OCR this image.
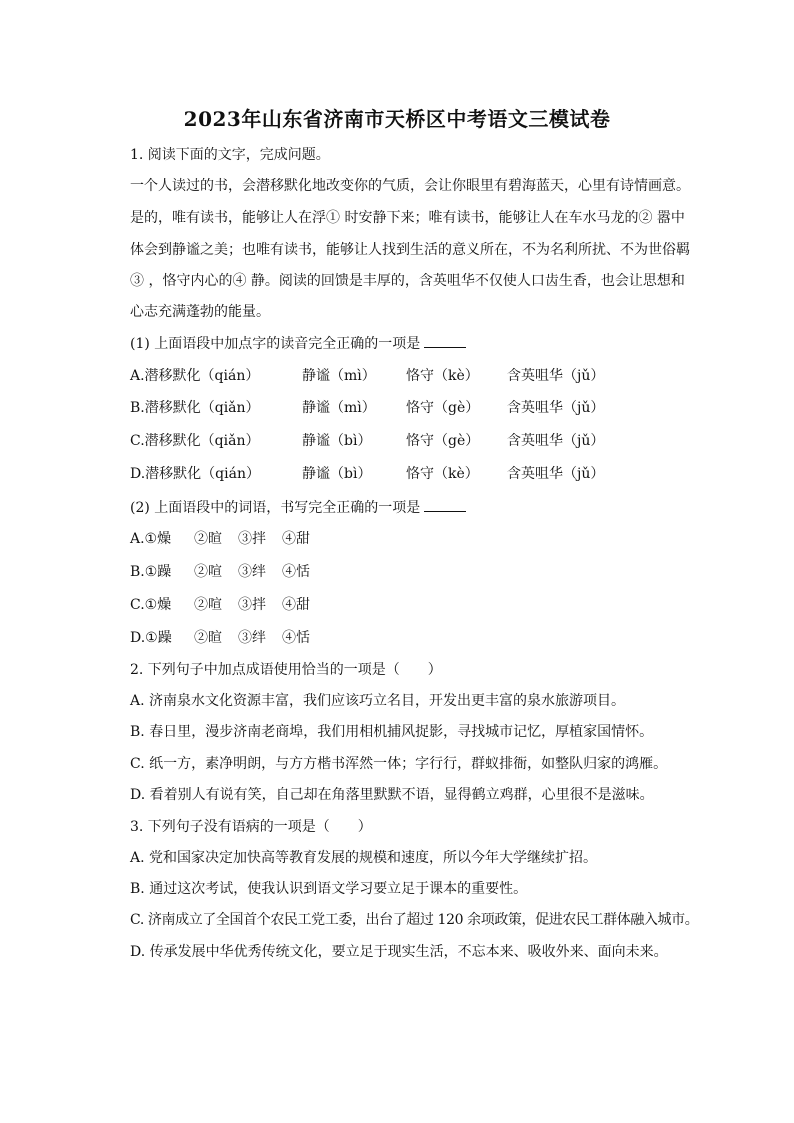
2023年山东省济南市天桥区中考语文三模试卷
1. 阅读下面的文字，完成问题。
一个人读过的书，会潜移默化地改变你的气质，会让你眼里有碧海蓝天，心里有诗情画意。
是的，唯有读书，能够让人在浮① 时安静下来；唯有读书，能够让人在车水马龙的② 嚣中
体会到静谧之美；也唯有读书，能够让人找到生活的意义所在，不为名利所扰、不为世俗羁
③ ，恪守内心的④ 静。阅读的回馈是丰厚的，含英咀华不仅使人口齿生香，也会让思想和
心志充满蓬勃的能量。
(1) 上面语段中加点字的读音完全正确的一项是
A.潜移默化（qián）	静谧（mì） 恪守（kè） 含英咀华（jǔ）
B.潜移默化（qiǎn）	静谧（mì） 恪守（gè） 含英咀华（jǔ）
C.潜移默化（qiǎn）	静谧（bì） 恪守（gè） 含英咀华（jǔ）
D.潜移默化（qián）	静谧（bì） 恪守（kè） 含英咀华（jǔ）
(2) 上面语段中的词语，书写完全正确的一项是
A.①燥 ②暄 ③拌 ④甜
B.①躁 ②喧 ③绊 ④恬
C.①燥 ②喧 ③拌 ④甜
D.①躁 ②暄 ③绊 ④恬
2. 下列句子中加点成语使用恰当的一项是（　　）
A. 济南泉水文化资源丰富，我们应该巧立名目，开发出更丰富的泉水旅游项目。
B. 春日里，漫步济南老商埠，我们用相机捕风捉影，寻找城市记忆，厚植家国情怀。
C. 纸一方，素净明朗，与方方楷书浑然一体；字行行，群蚁排衙，如整队归家的鸿雁。
D. 看着别人有说有笑，自己却在角落里默默不语，显得鹤立鸡群，心里很不是滋味。
3. 下列句子没有语病的一项是（　　）
A. 党和国家决定加快高等教育发展的规模和速度，所以今年大学继续扩招。
B. 通过这次考试，使我认识到语文学习要立足于课本的重要性。
C. 济南成立了全国首个农民工党工委，出台了超过 120 余项政策，促进农民工群体融入城市。
D. 传承发展中华优秀传统文化，要立足于现实生活，不忘本来、吸收外来、面向未来。
